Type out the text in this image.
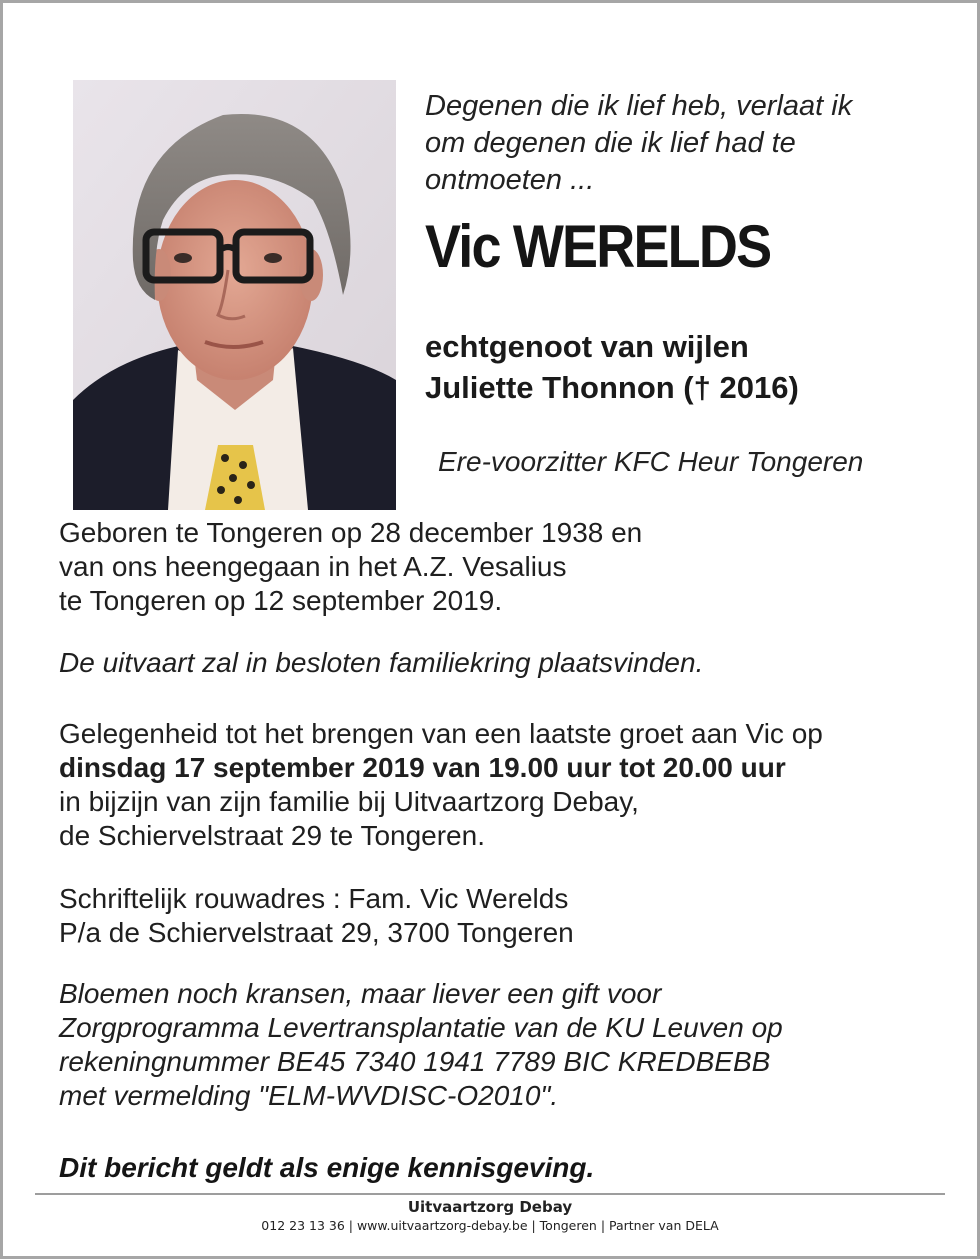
Degenen die ik lief heb, verlaat ik
om degenen die ik lief had te
ontmoeten ...
Vic WERELDS
echtgenoot van wijlen
Juliette Thonnon († 2016)
Ere-voorzitter KFC Heur Tongeren
Geboren te Tongeren op 28 december 1938 en
van ons heengegaan in het A.Z. Vesalius
te Tongeren op 12 september 2019.
De uitvaart zal in besloten familiekring plaatsvinden.
Gelegenheid tot het brengen van een laatste groet aan Vic op
dinsdag 17 september 2019 van 19.00 uur tot 20.00 uur
in bijzijn van zijn familie bij Uitvaartzorg Debay,
de Schiervelstraat 29 te Tongeren.
Schriftelijk rouwadres : Fam. Vic Werelds
P/a de Schiervelstraat 29, 3700 Tongeren
Bloemen noch kransen, maar liever een gift voor
Zorgprogramma Levertransplantatie van de KU Leuven op
rekeningnummer BE45 7340 1941 7789 BIC KREDBEBB
met vermelding "ELM-WVDISC-O2010".
Dit bericht geldt als enige kennisgeving.
Uitvaartzorg Debay
012 23 13 36 | www.uitvaartzorg-debay.be | Tongeren | Partner van DELA
